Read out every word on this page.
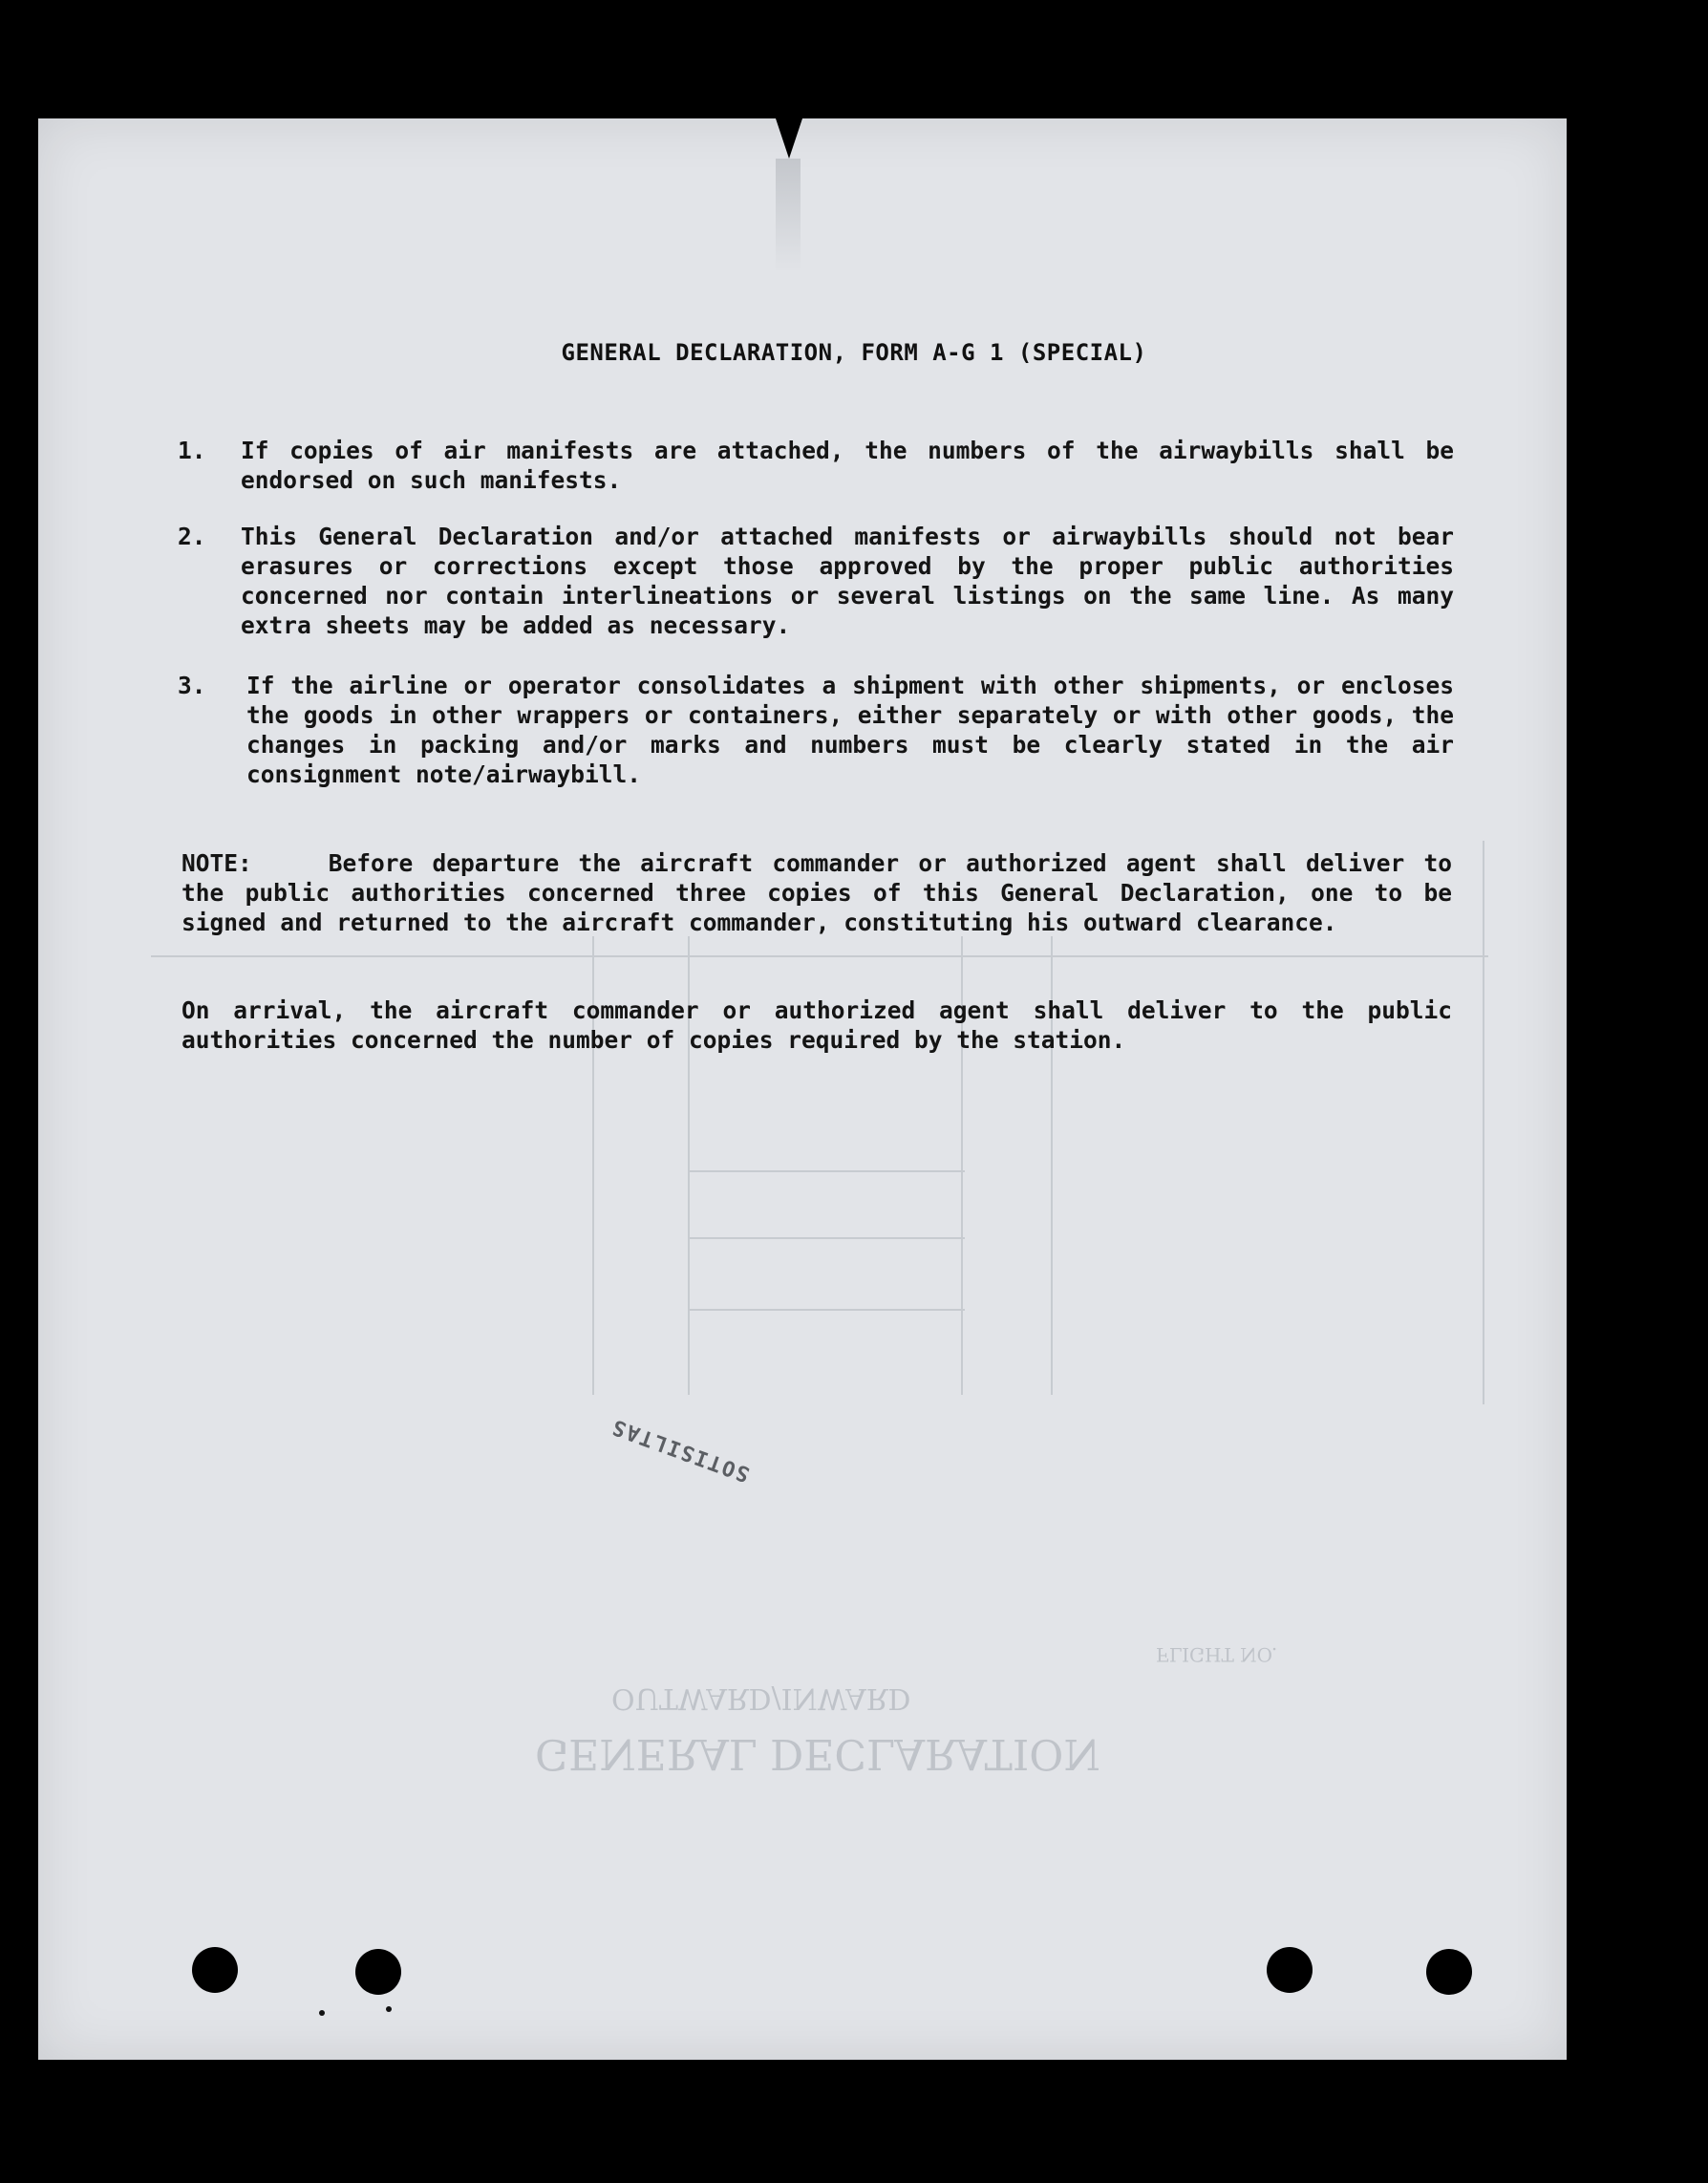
GENERAL DECLARATION
OUTWARD/INWARD
FLIGHT NO.
SOTISILTAS
GENERAL DECLARATION, FORM A-G 1 (SPECIAL)
1. If copies of air manifests are attached, the numbers of the airwaybills shall be endorsed on such manifests.
2. This General Declaration and/or attached manifests or airwaybills should not bear erasures or corrections except those approved by the proper public authorities concerned nor contain interlineations or several listings on the same line. As many extra sheets may be added as necessary.
3. If the airline or operator consolidates a shipment with other shipments, or encloses the goods in other wrappers or containers, either separately or with other goods, the changes in packing and/or marks and numbers must be clearly stated in the air consignment note/airwaybill.
NOTE:	Before departure the aircraft commander or authorized agent shall deliver to the public authorities concerned three copies of this General Declaration, one to be signed and returned to the aircraft commander, constituting his outward clearance.
On arrival, the aircraft commander or authorized agent shall deliver to the public authorities concerned the number of copies required by the station.
